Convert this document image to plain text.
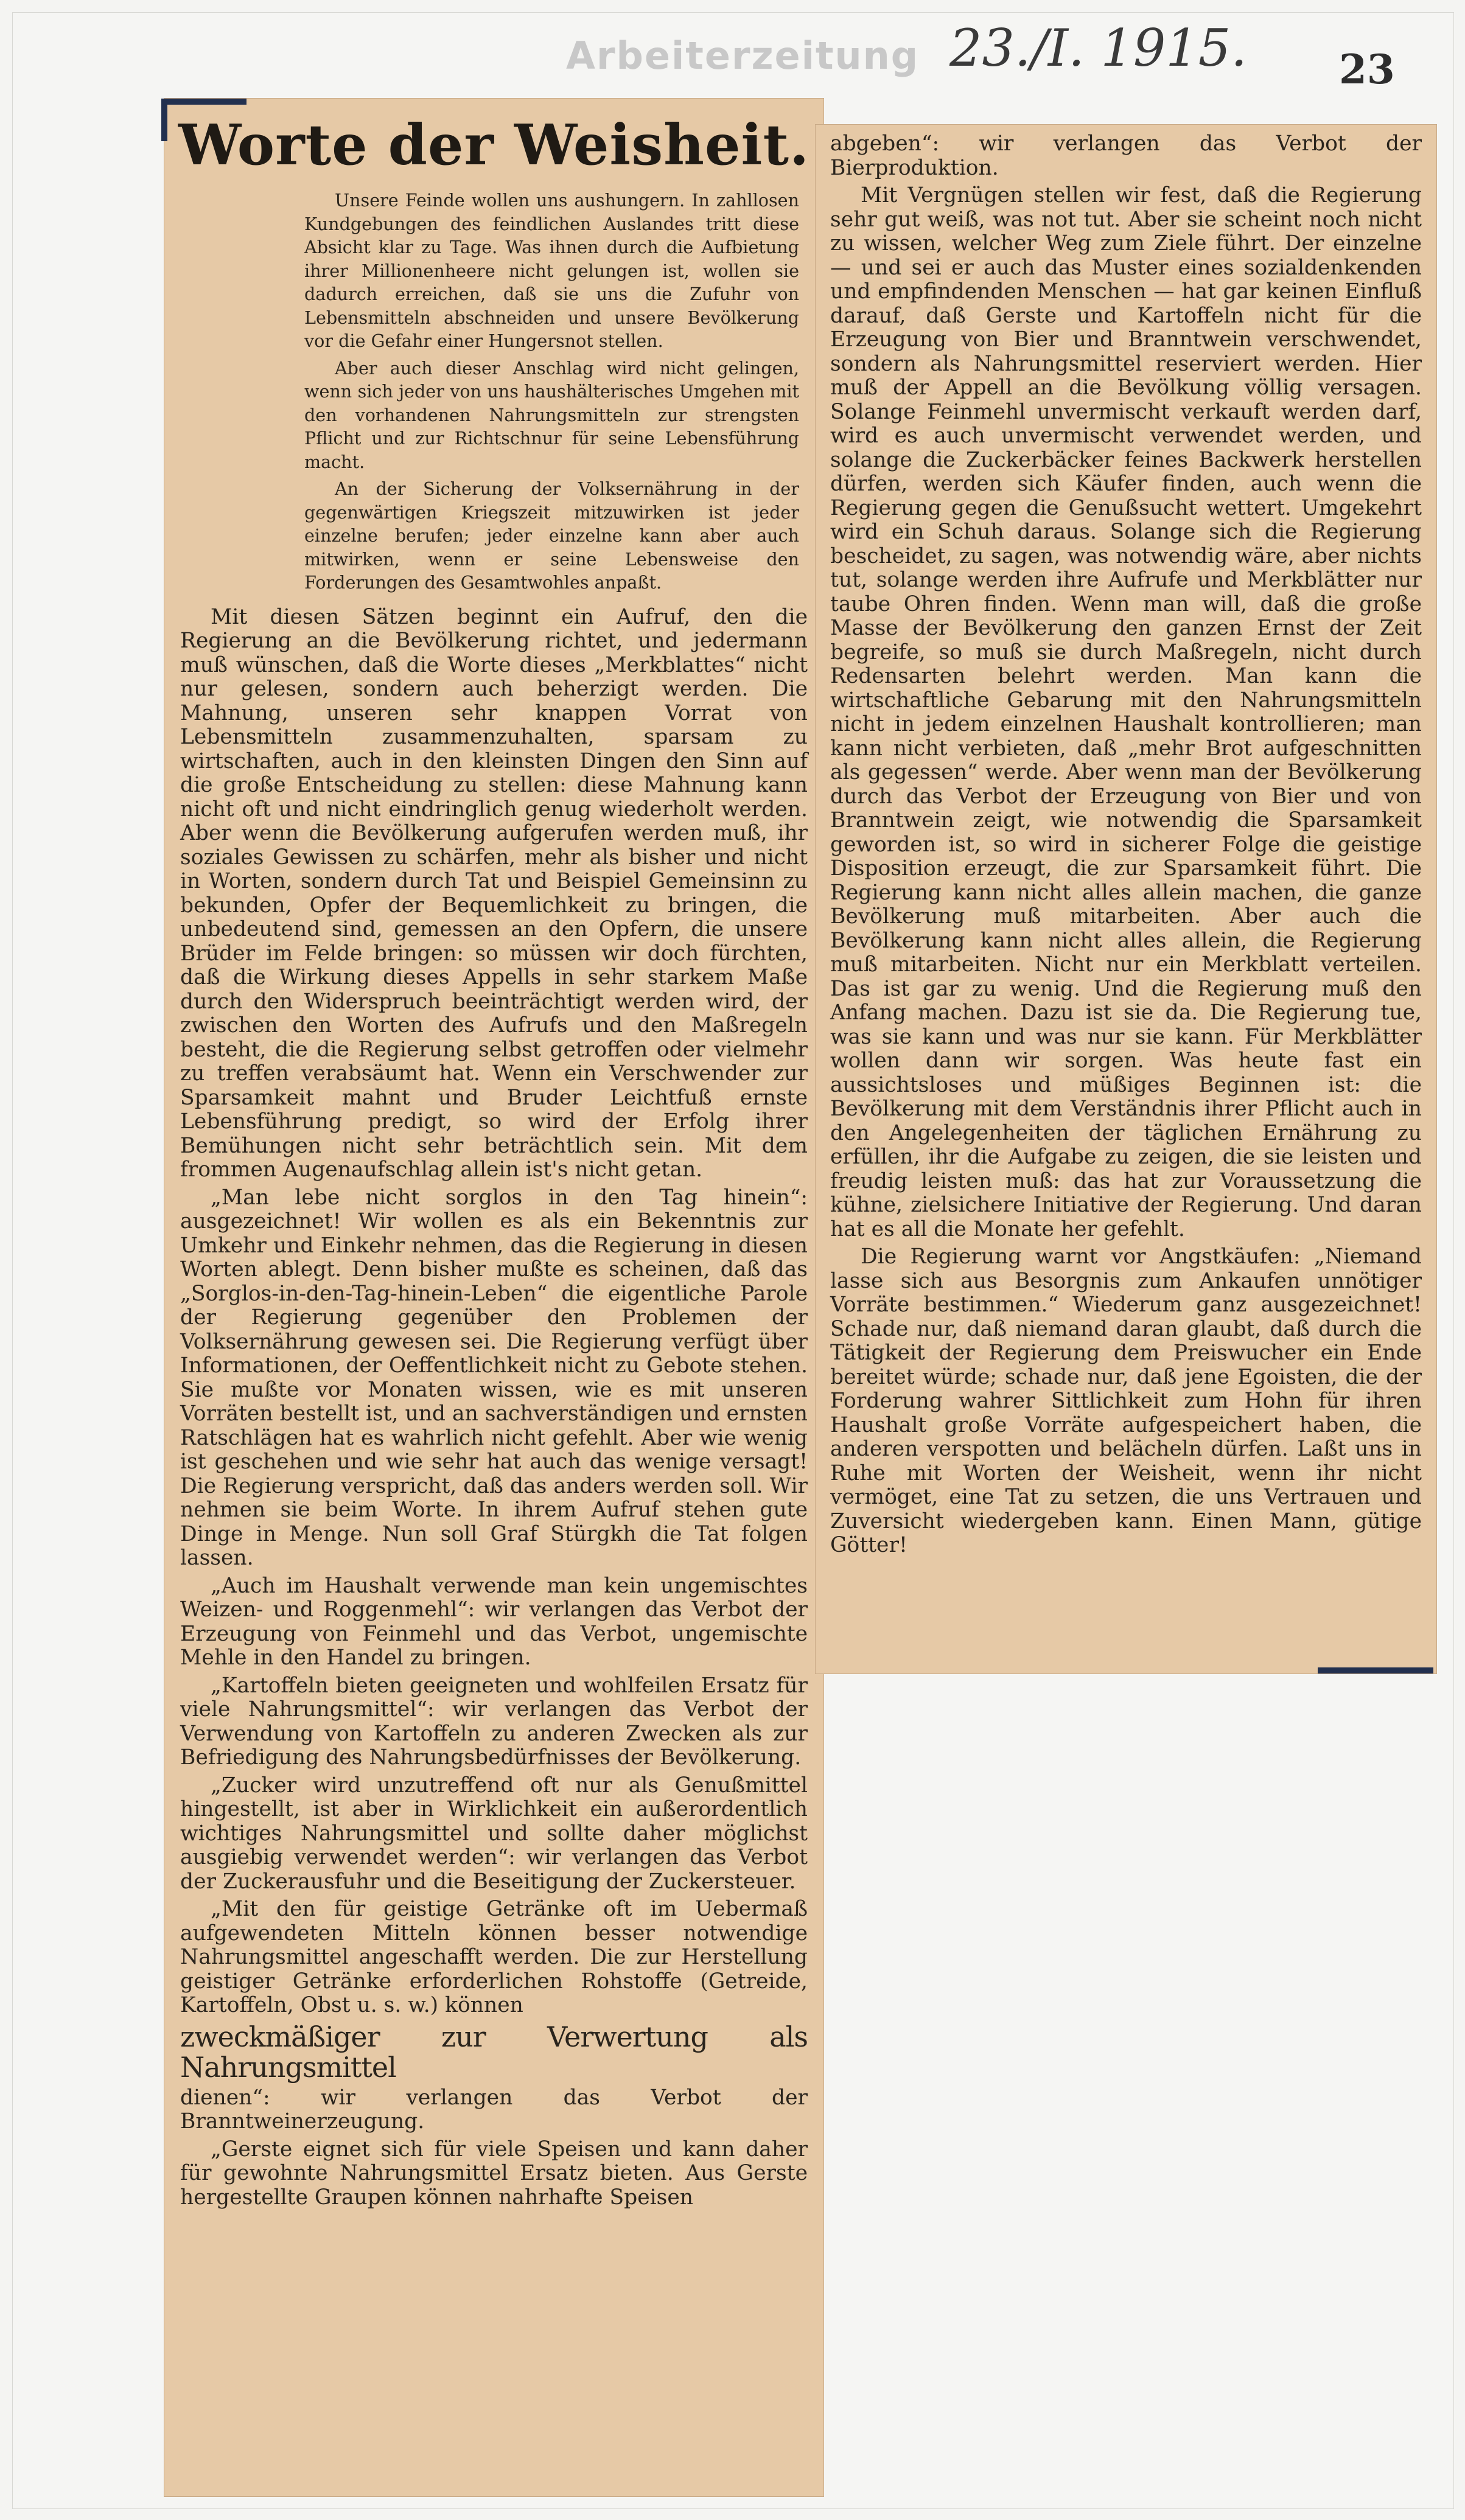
Arbeiterzeitung 23./I. 1915. 23
Worte der Weisheit.

Unsere Feinde wollen uns aushungern. In zahllosen Kundgebungen des feindlichen Auslandes tritt diese Absicht klar zu Tage. Was ihnen durch die Aufbietung ihrer Millionenheere nicht gelungen ist, wollen sie dadurch erreichen, daß sie uns die Zufuhr von Lebensmitteln abschneiden und unsere Bevölkerung vor die Gefahr einer Hungersnot stellen.

Aber auch dieser Anschlag wird nicht gelingen, wenn sich jeder von uns haushälterisches Umgehen mit den vorhandenen Nahrungsmitteln zur strengsten Pflicht und zur Richtschnur für seine Lebensführung macht.

An der Sicherung der Volksernährung in der gegenwärtigen Kriegszeit mitzuwirken ist jeder einzelne berufen; jeder einzelne kann aber auch mitwirken, wenn er seine Lebensweise den Forderungen des Gesamtwohles anpaßt.

Mit diesen Sätzen beginnt ein Aufruf, den die Regierung an die Bevölkerung richtet, und jedermann muß wünschen, daß die Worte dieses „Merkblattes“ nicht nur gelesen, sondern auch beherzigt werden. Die Mahnung, unseren sehr knappen Vorrat von Lebensmitteln zusammenzuhalten, sparsam zu wirtschaften, auch in den kleinsten Dingen den Sinn auf die große Entscheidung zu stellen: diese Mahnung kann nicht oft und nicht eindringlich genug wiederholt werden. Aber wenn die Bevölkerung aufgerufen werden muß, ihr soziales Gewissen zu schärfen, mehr als bisher und nicht in Worten, sondern durch Tat und Beispiel Gemeinsinn zu bekunden, Opfer der Bequemlichkeit zu bringen, die unbedeutend sind, gemessen an den Opfern, die unsere Brüder im Felde bringen: so müssen wir doch fürchten, daß die Wirkung dieses Appells in sehr starkem Maße durch den Widerspruch beeinträchtigt werden wird, der zwischen den Worten des Aufrufs und den Maßregeln besteht, die die Regierung selbst getroffen oder vielmehr zu treffen verabsäumt hat. Wenn ein Verschwender zur Sparsamkeit mahnt und Bruder Leichtfuß ernste Lebensführung predigt, so wird der Erfolg ihrer Bemühungen nicht sehr beträchtlich sein. Mit dem frommen Augenaufschlag allein ist's nicht getan.

„Man lebe nicht sorglos in den Tag hinein“: ausgezeichnet! Wir wollen es als ein Bekenntnis zur Umkehr und Einkehr nehmen, das die Regierung in diesen Worten ablegt. Denn bisher mußte es scheinen, daß das „Sorglos-in-den-Tag-hinein-Leben“ die eigentliche Parole der Regierung gegenüber den Problemen der Volksernährung gewesen sei. Die Regierung verfügt über Informationen, der Oeffentlichkeit nicht zu Gebote stehen. Sie mußte vor Monaten wissen, wie es mit unseren Vorräten bestellt ist, und an sachverständigen und ernsten Ratschlägen hat es wahrlich nicht gefehlt. Aber wie wenig ist geschehen und wie sehr hat auch das wenige versagt! Die Regierung verspricht, daß das anders werden soll. Wir nehmen sie beim Worte. In ihrem Aufruf stehen gute Dinge in Menge. Nun soll Graf Stürgkh die Tat folgen lassen.

„Auch im Haushalt verwende man kein ungemischtes Weizen- und Roggenmehl“: wir verlangen das Verbot der Erzeugung von Feinmehl und das Verbot, ungemischte Mehle in den Handel zu bringen.

„Kartoffeln bieten geeigneten und wohlfeilen Ersatz für viele Nahrungsmittel“: wir verlangen das Verbot der Verwendung von Kartoffeln zu anderen Zwecken als zur Befriedigung des Nahrungsbedürfnisses der Bevölkerung.

„Zucker wird unzutreffend oft nur als Genußmittel hingestellt, ist aber in Wirklichkeit ein außerordentlich wichtiges Nahrungsmittel und sollte daher möglichst ausgiebig verwendet werden“: wir verlangen das Verbot der Zuckerausfuhr und die Beseitigung der Zuckersteuer.

„Mit den für geistige Getränke oft im Uebermaß aufgewendeten Mitteln können besser notwendige Nahrungsmittel angeschafft werden. Die zur Herstellung geistiger Getränke erforderlichen Rohstoffe (Getreide, Kartoffeln, Obst u. s. w.) können

zweckmäßiger zur Verwertung als Nahrungsmittel

dienen“: wir verlangen das Verbot der Branntweinerzeugung.

„Gerste eignet sich für viele Speisen und kann daher für gewohnte Nahrungsmittel Ersatz bieten. Aus Gerste hergestellte Graupen können nahrhafte Speisen

abgeben“: wir verlangen das Verbot der Bierproduktion.

Mit Vergnügen stellen wir fest, daß die Regierung sehr gut weiß, was not tut. Aber sie scheint noch nicht zu wissen, welcher Weg zum Ziele führt. Der einzelne — und sei er auch das Muster eines sozialdenkenden und empfindenden Menschen — hat gar keinen Einfluß darauf, daß Gerste und Kartoffeln nicht für die Erzeugung von Bier und Branntwein verschwendet, sondern als Nahrungsmittel reserviert werden. Hier muß der Appell an die Bevölkung völlig versagen. Solange Feinmehl unvermischt verkauft werden darf, wird es auch unvermischt verwendet werden, und solange die Zuckerbäcker feines Backwerk herstellen dürfen, werden sich Käufer finden, auch wenn die Regierung gegen die Genußsucht wettert. Umgekehrt wird ein Schuh daraus. Solange sich die Regierung bescheidet, zu sagen, was notwendig wäre, aber nichts tut, solange werden ihre Aufrufe und Merkblätter nur taube Ohren finden. Wenn man will, daß die große Masse der Bevölkerung den ganzen Ernst der Zeit begreife, so muß sie durch Maßregeln, nicht durch Redensarten belehrt werden. Man kann die wirtschaftliche Gebarung mit den Nahrungsmitteln nicht in jedem einzelnen Haushalt kontrollieren; man kann nicht verbieten, daß „mehr Brot aufgeschnitten als gegessen“ werde. Aber wenn man der Bevölkerung durch das Verbot der Erzeugung von Bier und von Branntwein zeigt, wie notwendig die Sparsamkeit geworden ist, so wird in sicherer Folge die geistige Disposition erzeugt, die zur Sparsamkeit führt. Die Regierung kann nicht alles allein machen, die ganze Bevölkerung muß mitarbeiten. Aber auch die Bevölkerung kann nicht alles allein, die Regierung muß mitarbeiten. Nicht nur ein Merkblatt verteilen. Das ist gar zu wenig. Und die Regierung muß den Anfang machen. Dazu ist sie da. Die Regierung tue, was sie kann und was nur sie kann. Für Merkblätter wollen dann wir sorgen. Was heute fast ein aussichtsloses und müßiges Beginnen ist: die Bevölkerung mit dem Verständnis ihrer Pflicht auch in den Angelegenheiten der täglichen Ernährung zu erfüllen, ihr die Aufgabe zu zeigen, die sie leisten und freudig leisten muß: das hat zur Voraussetzung die kühne, zielsichere Initiative der Regierung. Und daran hat es all die Monate her gefehlt.

Die Regierung warnt vor Angstkäufen: „Niemand lasse sich aus Besorgnis zum Ankaufen unnötiger Vorräte bestimmen.“ Wiederum ganz ausgezeichnet! Schade nur, daß niemand daran glaubt, daß durch die Tätigkeit der Regierung dem Preiswucher ein Ende bereitet würde; schade nur, daß jene Egoisten, die der Forderung wahrer Sittlichkeit zum Hohn für ihren Haushalt große Vorräte aufgespeichert haben, die anderen verspotten und belächeln dürfen. Laßt uns in Ruhe mit Worten der Weisheit, wenn ihr nicht vermöget, eine Tat zu setzen, die uns Vertrauen und Zuversicht wiedergeben kann. Einen Mann, gütige Götter!
